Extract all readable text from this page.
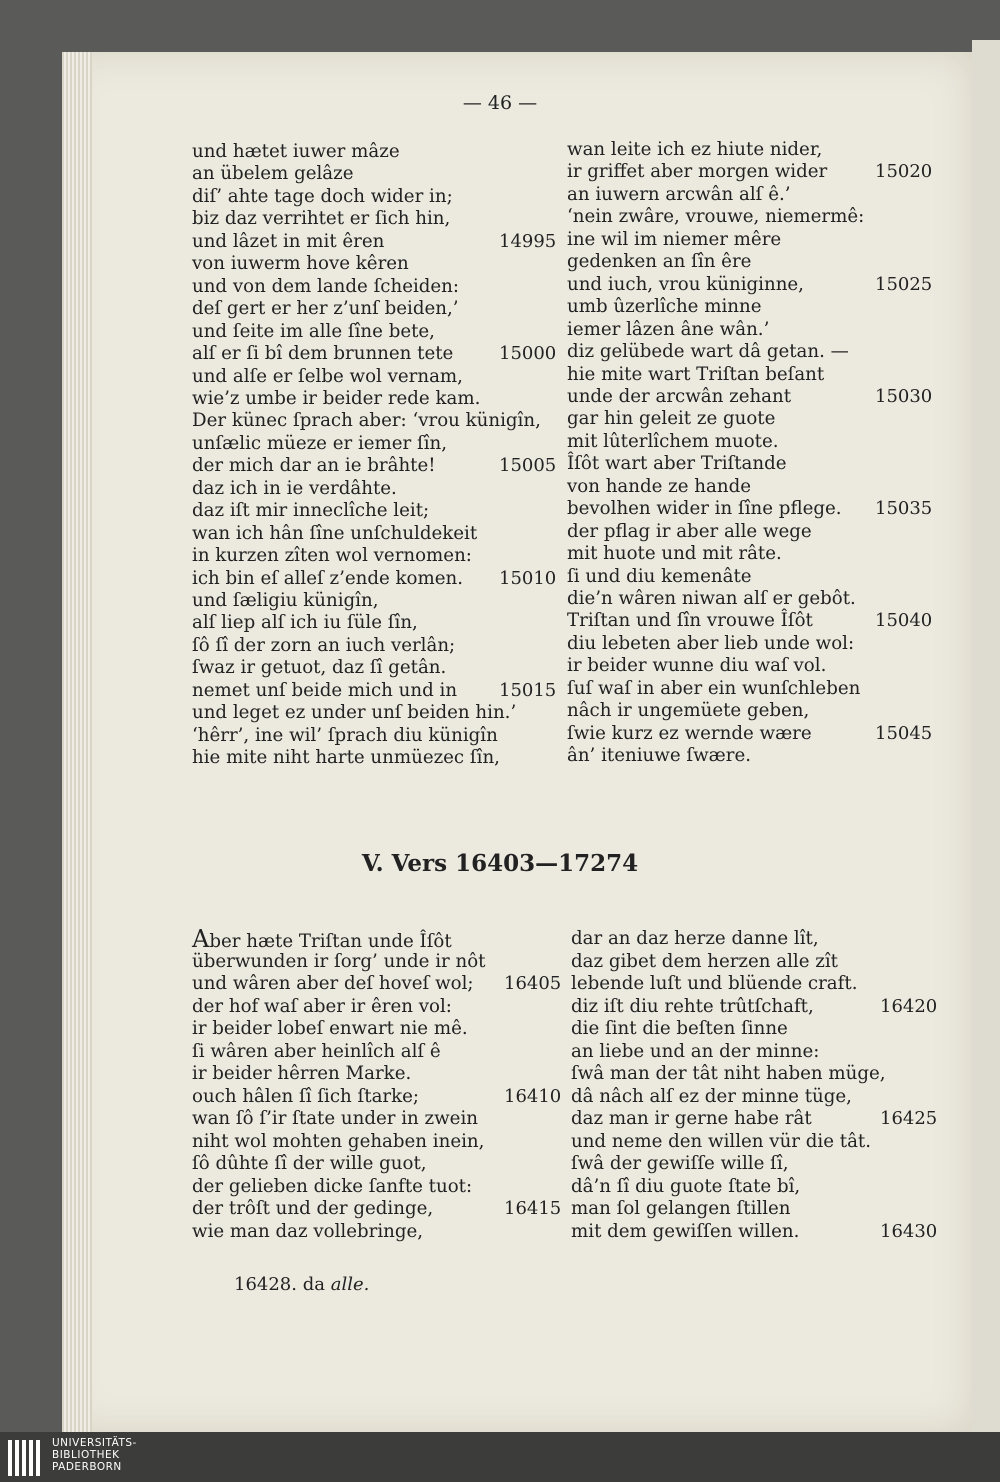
— 46 —
und hætet iuwer mâze
an übelem gelâze
diſ’ ahte tage doch wider in;
biz daz verrihtet er ſich hin,
und lâzet in mit êren	14995
von iuwerm hove kêren
und von dem lande ſcheiden:
deſ gert er her z’unſ beiden,’
und ſeite im alle ſîne bete,
alſ er ſi bî dem brunnen tete	15000
und alſe er ſelbe wol vernam,
wie’z umbe ir beider rede kam.
Der künec ſprach aber: ‘vrou künigîn,
unſælic müeze er iemer ſîn,
der mich dar an ie brâhte!	15005
daz ich in ie verdâhte.
daz iſt mir inneclîche leit;
wan ich hân ſîne unſchuldekeit
in kurzen zîten wol vernomen:
ich bin eſ alleſ z’ende komen. 15010
und ſæligiu künigîn,
alſ liep alſ ich iu ſüle ſîn,
ſô ſî der zorn an iuch verlân;
ſwaz ir getuot, daz ſî getân.
nemet unſ beide mich und in 15015
und leget ez under unſ beiden hin.’
‘hêrr’, ine wil’ ſprach diu künigîn
hie mite niht harte unmüezec ſîn,
wan leite ich ez hiute nider,
ir griffet aber morgen wider	15020
an iuwern arcwân alſ ê.’
‘nein zwâre, vrouwe, niemermê:
ine wil im niemer mêre
gedenken an ſîn êre
und iuch, vrou küniginne,	15025
umb ûzerlîche minne
iemer lâzen âne wân.’
diz gelübede wart dâ getan. —
hie mite wart Triſtan beſant
unde der arcwân zehant	15030
gar hin geleit ze guote
mit lûterlîchem muote.
Îſôt wart aber Triſtande
von hande ze hande
bevolhen wider in ſîne pflege. 15035
der pflag ir aber alle wege
mit huote und mit râte.
ſi und diu kemenâte
die’n wâren niwan alſ er gebôt.
Triſtan und ſîn vrouwe Îſôt	15040
diu lebeten aber lieb unde wol:
ir beider wunne diu waſ vol.
ſuſ waſ in aber ein wunſchleben
nâch ir ungemüete geben,
ſwie kurz ez wernde wære	15045
ân’ iteniuwe ſwære.
V. Vers 16403—17274
Aber hæte Triſtan unde Îſôt
überwunden ir ſorg’ unde ir nôt
und wâren aber deſ hoveſ wol; 16405
der hof waſ aber ir êren vol:
ir beider lobeſ enwart nie mê.
ſi wâren aber heinlîch alſ ê
ir beider hêrren Marke.
ouch hâlen ſî ſich ſtarke;	16410
wan ſô ſ’ir ſtate under in zwein
niht wol mohten gehaben inein,
ſô dûhte ſî der wille guot,
der gelieben dicke ſanfte tuot:
der trôſt und der gedinge,	16415
wie man daz vollebringe,
dar an daz herze danne lît,
daz gibet dem herzen alle zît
lebende luſt und blüende craft.
diz iſt diu rehte trûtſchaft,	16420
die ſint die beſten ſinne
an liebe und an der minne:
ſwâ man der tât niht haben müge,
dâ nâch alſ ez der minne tüge,
daz man ir gerne habe rât	16425
und neme den willen vür die tât.
ſwâ der gewiſſe wille ſî,
dâ’n ſî diu guote ſtate bî,
man ſol gelangen ſtillen
mit dem gewiſſen willen.	16430
16428. da alle.
UNIVERSITÄTS-
BIBLIOTHEK
PADERBORN
